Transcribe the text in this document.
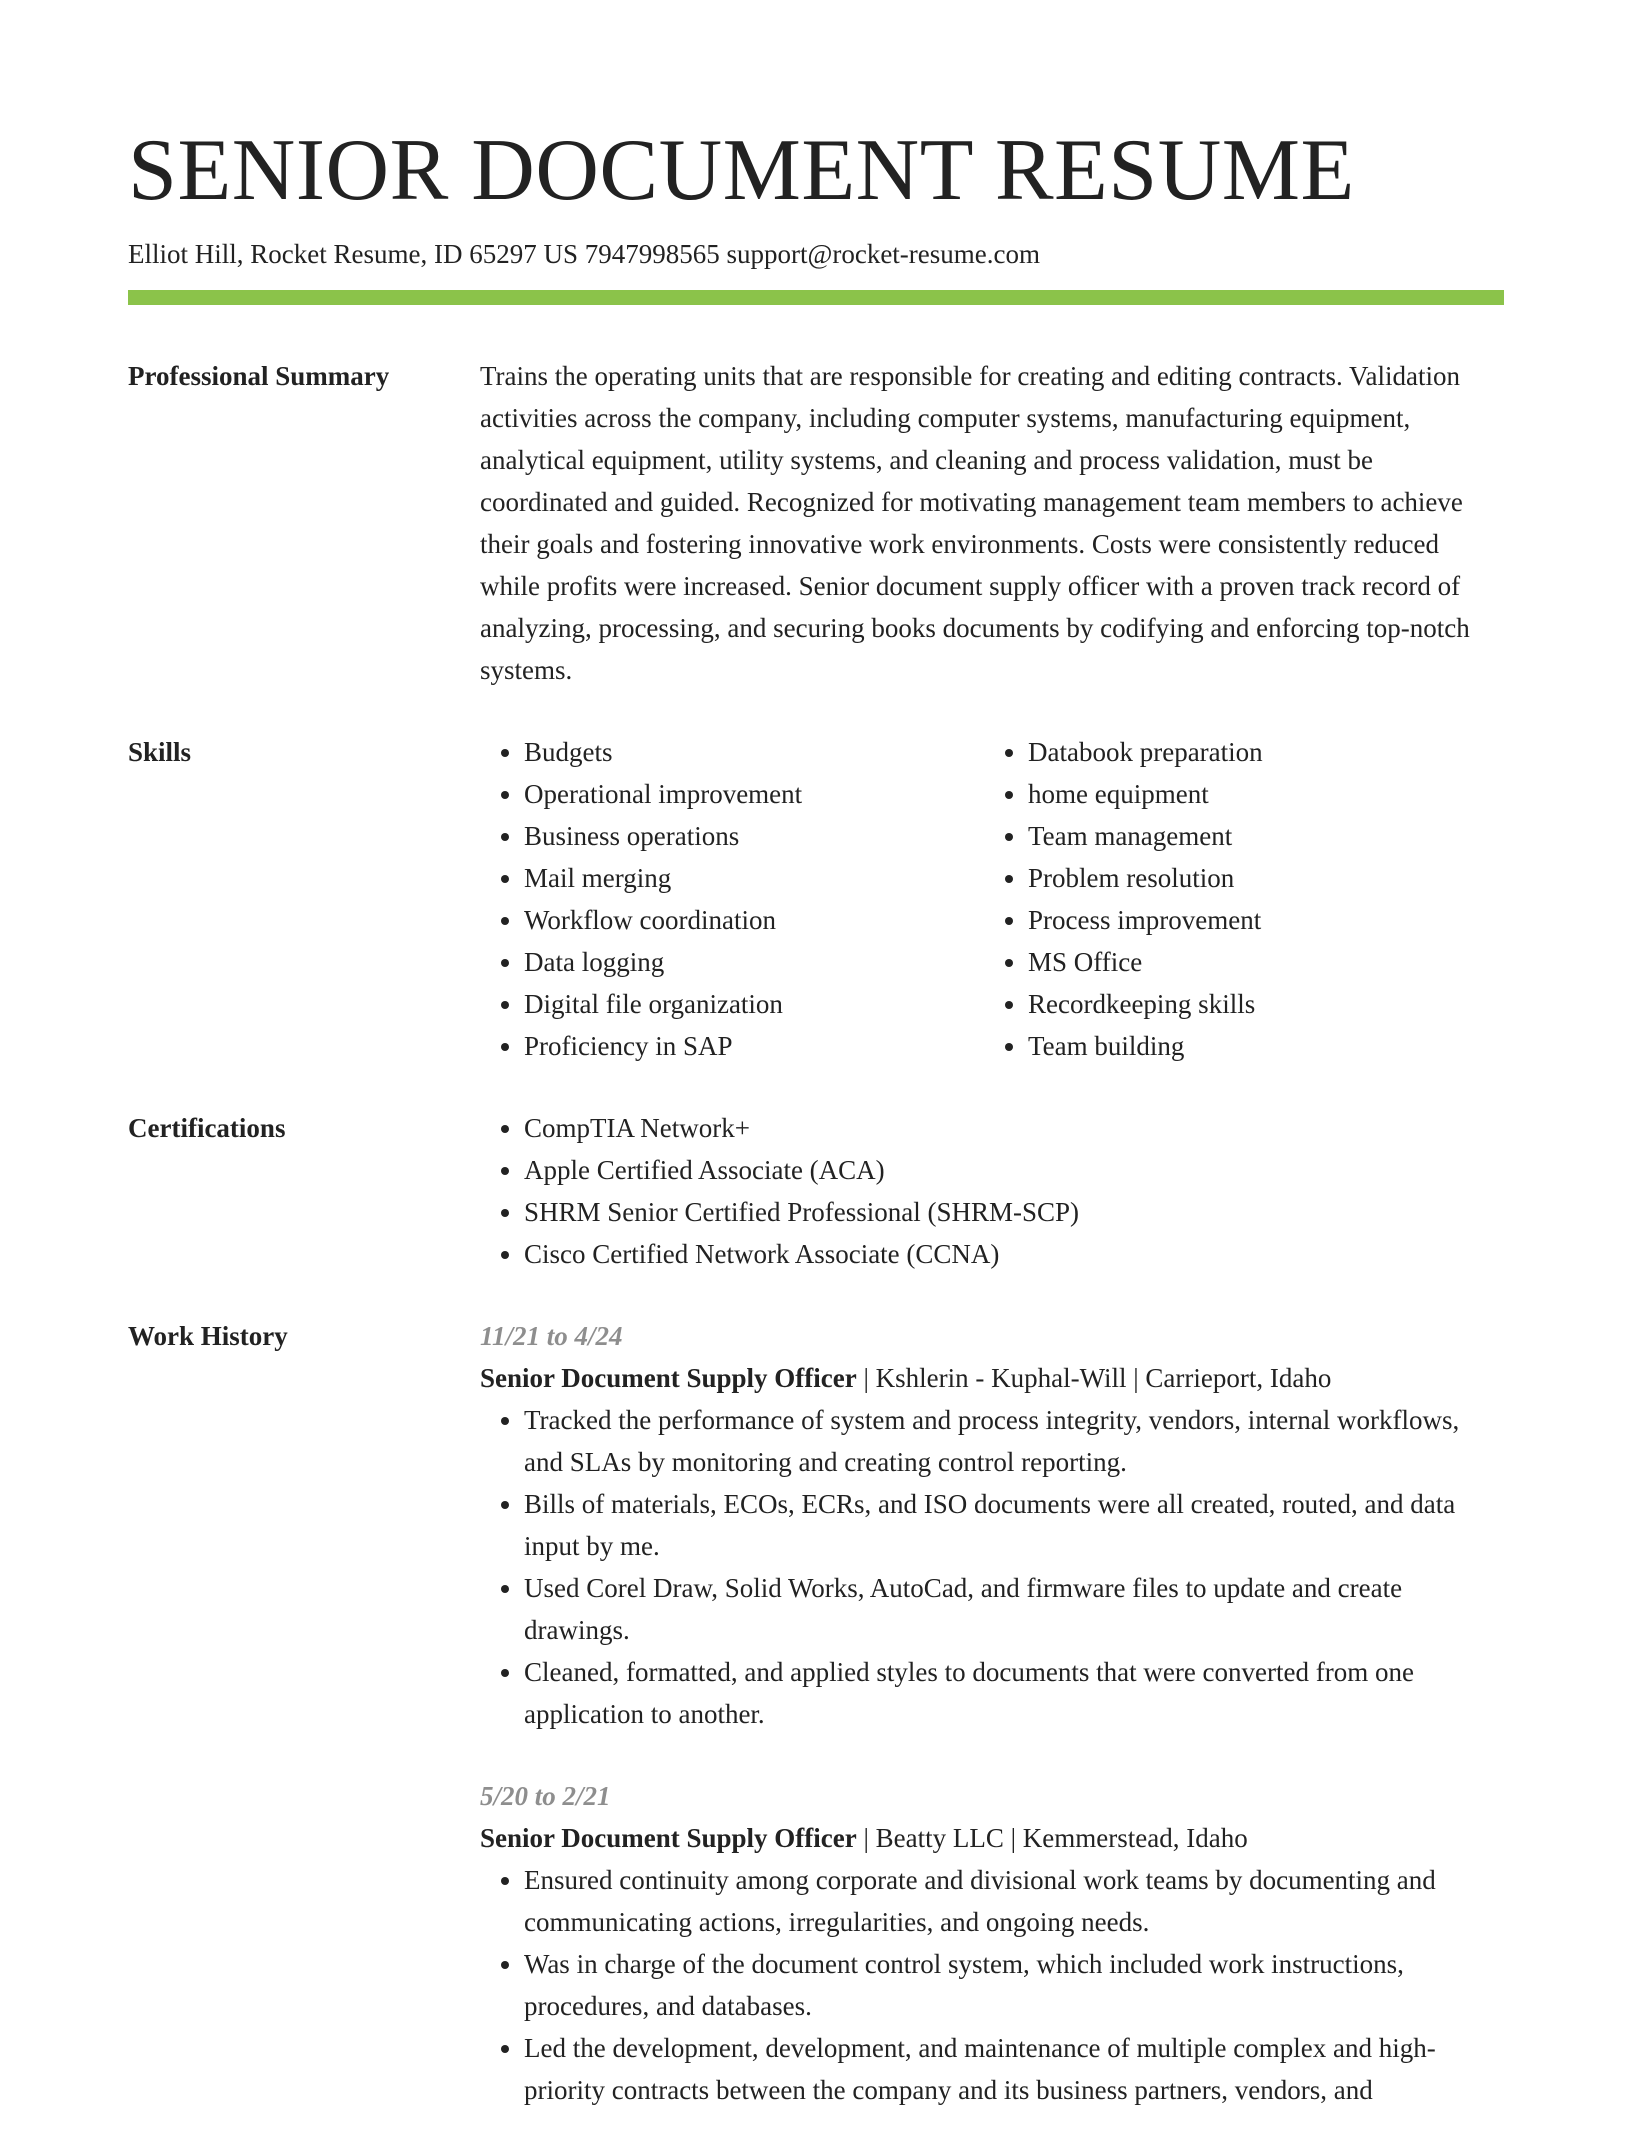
SENIOR DOCUMENT RESUME
Elliot Hill, Rocket Resume, ID 65297 US 7947998565 support@rocket-resume.com
Professional Summary	Trains the operating units that are responsible for creating and editing contracts. Validation activities across the company, including computer systems, manufacturing equipment, analytical equipment, utility systems, and cleaning and process validation, must be coordinated and guided. Recognized for motivating management team members to achieve their goals and fostering innovative work environments. Costs were consistently reduced while profits were increased. Senior document supply officer with a proven track record of analyzing, processing, and securing books documents by codifying and enforcing top-notch systems.

Skills	• Budgets
• Operational improvement
• Business operations
• Mail merging
• Workflow coordination
• Data logging
• Digital file organization
• Proficiency in SAP
• Databook preparation
• home equipment
• Team management
• Problem resolution
• Process improvement
• MS Office
• Recordkeeping skills
• Team building
Certifications	• CompTIA Network+
• Apple Certified Associate (ACA)
• SHRM Senior Certified Professional (SHRM-SCP)
• Cisco Certified Network Associate (CCNA)
Work History	11/21 to 4/24
Senior Document Supply Officer | Kshlerin - Kuphal-Will | Carrieport, Idaho
• Tracked the performance of system and process integrity, vendors, internal workflows, and SLAs by monitoring and creating control reporting.
• Bills of materials, ECOs, ECRs, and ISO documents were all created, routed, and data input by me.
• Used Corel Draw, Solid Works, AutoCad, and firmware files to update and create drawings.
• Cleaned, formatted, and applied styles to documents that were converted from one application to another.
5/20 to 2/21
Senior Document Supply Officer | Beatty LLC | Kemmerstead, Idaho
• Ensured continuity among corporate and divisional work teams by documenting and communicating actions, irregularities, and ongoing needs.
• Was in charge of the document control system, which included work instructions, procedures, and databases.
• Led the development, development, and maintenance of multiple complex and high-priority contracts between the company and its business partners, vendors, and
